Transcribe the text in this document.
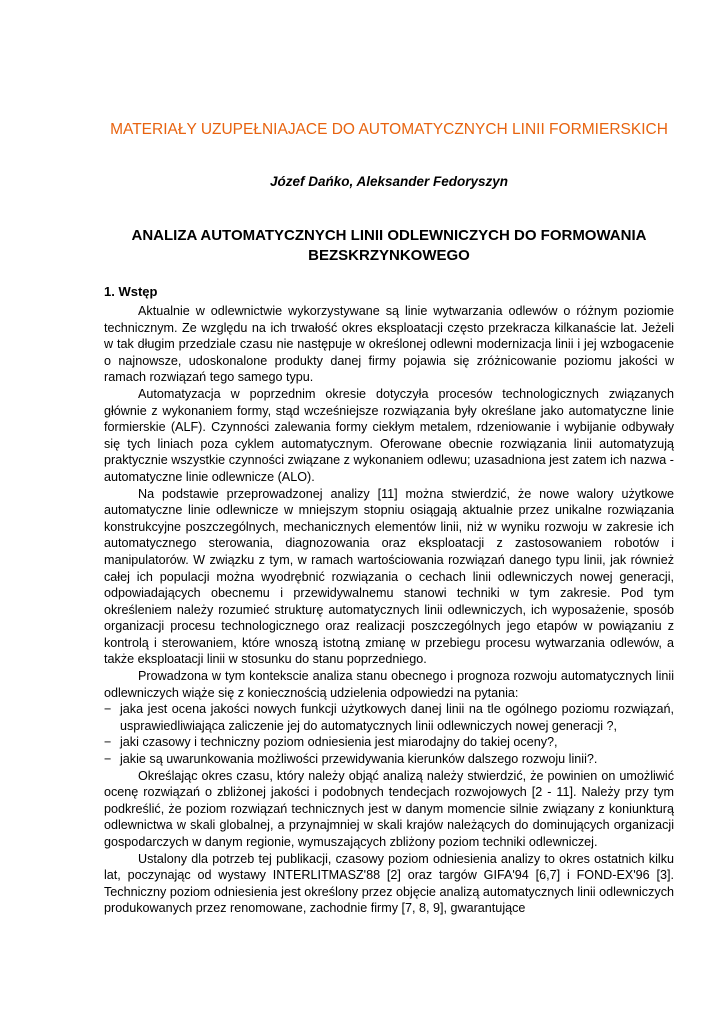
MATERIAŁY UZUPEŁNIAJACE DO AUTOMATYCZNYCH LINII FORMIERSKICH
Józef Dańko, Aleksander Fedoryszyn
ANALIZA AUTOMATYCZNYCH LINII ODLEWNICZYCH DO FORMOWANIA BEZSKRZYNKOWEGO
1. Wstęp

Aktualnie w odlewnictwie wykorzystywane są linie wytwarzania odlewów o różnym poziomie technicznym. Ze względu na ich trwałość okres eksploatacji często przekracza kilkanaście lat. Jeżeli w tak długim przedziale czasu nie następuje w określonej odlewni modernizacja linii i jej wzbogacenie o najnowsze, udoskonalone produkty danej firmy pojawia się zróżnicowanie poziomu jakości w ramach rozwiązań tego samego typu.

Automatyzacja w poprzednim okresie dotyczyła procesów technologicznych związanych głównie z wykonaniem formy, stąd wcześniejsze rozwiązania były określane jako automatyczne linie formierskie (ALF). Czynności zalewania formy ciekłym metalem, rdzeniowanie i wybijanie odbywały się tych liniach poza cyklem automatycznym. Oferowane obecnie rozwiązania linii automatyzują praktycznie wszystkie czynności związane z wykonaniem odlewu; uzasadniona jest zatem ich nazwa - automatyczne linie odlewnicze (ALO).

Na podstawie przeprowadzonej analizy [11] można stwierdzić, że nowe walory użytkowe automatyczne linie odlewnicze w mniejszym stopniu osiągają aktualnie przez unikalne rozwiązania konstrukcyjne poszczególnych, mechanicznych elementów linii, niż w wyniku rozwoju w zakresie ich automatycznego sterowania, diagnozowania oraz eksploatacji z zastosowaniem robotów i manipulatorów. W związku z tym, w ramach wartościowania rozwiązań danego typu linii, jak również całej ich populacji można wyodrębnić rozwiązania o cechach linii odlewniczych nowej generacji, odpowiadających obecnemu i przewidywalnemu stanowi techniki w tym zakresie. Pod tym określeniem należy rozumieć strukturę automatycznych linii odlewniczych, ich wyposażenie, sposób organizacji procesu technologicznego oraz realizacji poszczególnych jego etapów w powiązaniu z kontrolą i sterowaniem, które wnoszą istotną zmianę w przebiegu procesu wytwarzania odlewów, a także eksploatacji linii w stosunku do stanu poprzedniego.

Prowadzona w tym kontekscie analiza stanu obecnego i prognoza rozwoju automatycznych linii odlewniczych wiąże się z koniecznością udzielenia odpowiedzi na pytania:

− jaka jest ocena jakości nowych funkcji użytkowych danej linii na tle ogólnego poziomu rozwiązań, usprawiedliwiająca zaliczenie jej do automatycznych linii odlewniczych nowej generacji ?,
− jaki czasowy i techniczny poziom odniesienia jest miarodajny do takiej oceny?,
− jakie są uwarunkowania możliwości przewidywania kierunków dalszego rozwoju linii?.

Określając okres czasu, który należy objąć analizą należy stwierdzić, że powinien on umożliwić ocenę rozwiązań o zbliżonej jakości i podobnych tendecjach rozwojowych [2 - 11]. Należy przy tym podkreślić, że poziom rozwiązań technicznych jest w danym momencie silnie związany z koniunkturą odlewnictwa w skali globalnej, a przynajmniej w skali krajów należących do dominujących organizacji gospodarczych w danym regionie, wymuszających zbliżony poziom techniki odlewniczej.

Ustalony dla potrzeb tej publikacji, czasowy poziom odniesienia analizy to okres ostatnich kilku lat, poczynając od wystawy INTERLITMASZ'88 [2] oraz targów GIFA'94 [6,7] i FOND-EX'96 [3]. Techniczny poziom odniesienia jest określony przez objęcie analizą automatycznych linii odlewniczych produkowanych przez renomowane, zachodnie firmy [7, 8, 9], gwarantujące
